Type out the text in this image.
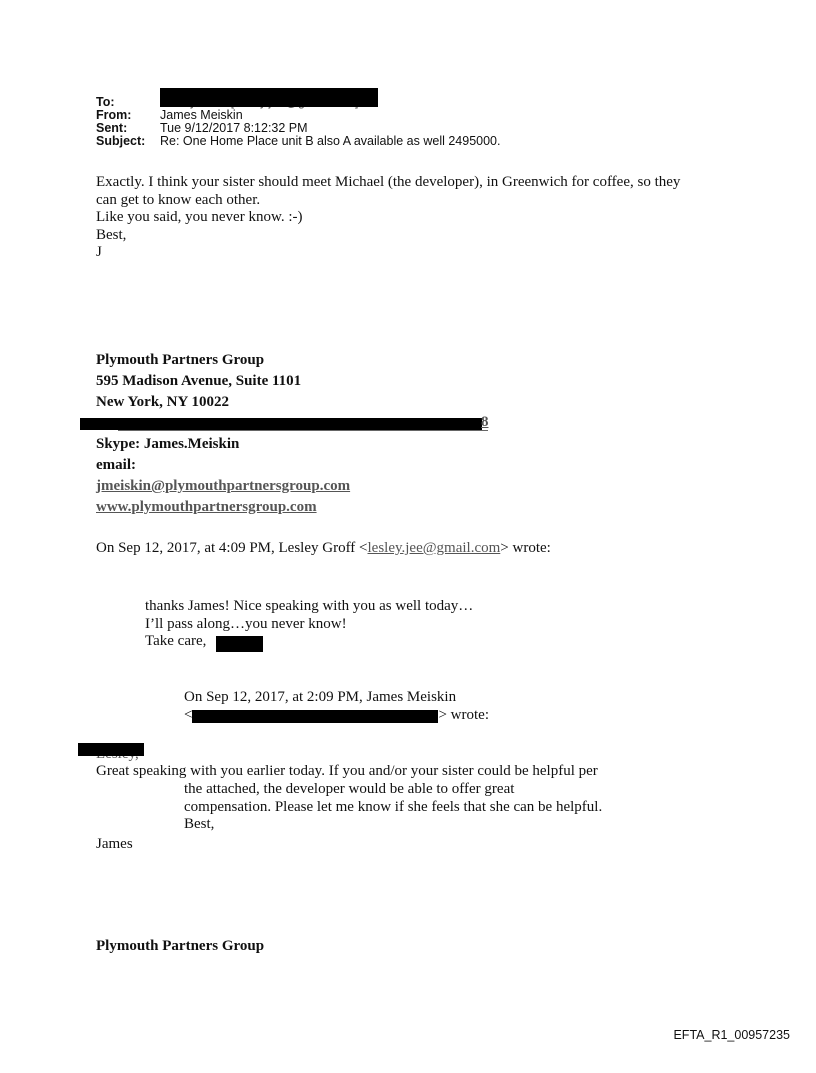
To:
From: James Meiskin
Sent:	Tue 9/12/2017 8:12:32 PM
Subject: Re: One Home Place unit B also A available as well 2495000.
Exactly. I think your sister should meet Michael (the developer), in Greenwich for coffee, so they
can get to know each other.
Like you said, you never know. :-)
Best,
J
Plymouth Partners Group
595 Madison Avenue, Suite 1101
New York, NY 10022
8
Skype: James.Meiskin
email:
jmeiskin@plymouthpartnersgroup.com
www.plymouthpartnersgroup.com
On Sep 12, 2017, at 4:09 PM, Lesley Groff <lesley.jee@gmail.com> wrote:
thanks James! Nice speaking with you as well today…
I’ll pass along…you never know!
Take care,
On Sep 12, 2017, at 2:09 PM, James Meiskin
<	> wrote:
Great speaking with you earlier today. If you and/or your sister could be helpful per
the attached, the developer would be able to offer great
compensation. Please let me know if she feels that she can be helpful.
Best,
James
Plymouth Partners Group
EFTA_R1_00957235
